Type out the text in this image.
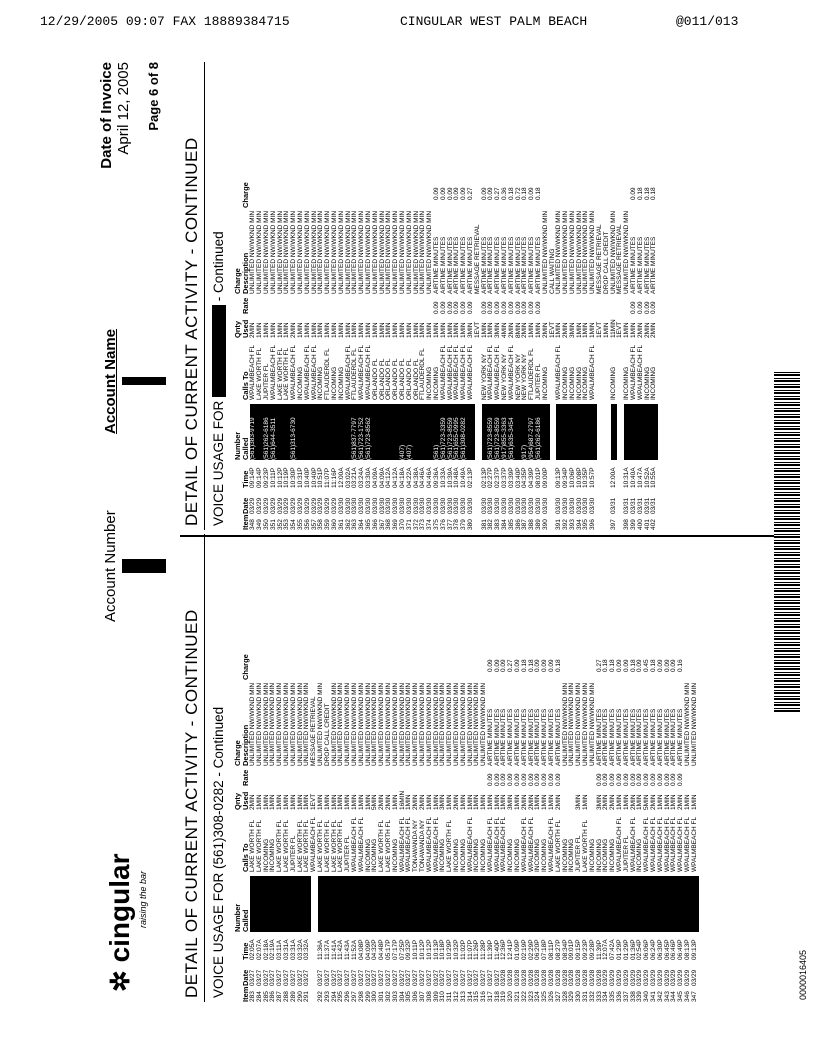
12/29/2005 09:07 FAX 18889384715	CINGULAR WEST PALM BEACH	@011/013
✲ cingular raising the bar
Account Number
Account Name
Date of Invoice April 12, 2005 Page 6 of 8
DETAIL OF CURRENT ACTIVITY - CONTINUED VOICE USAGE FOR (561)308-0282 - Continued Item
Date
Time
Number
Called
Calls To
Qnty
Used
Rate
Charge
Description
Charge
283
03/27
02:05A
LAKE WORTH FL
2MIN
UNLIMITED NW/WKND MIN
284
03/27
02:07A
LAKE WORTH FL
1MIN
UNLIMITED NW/WKND MIN
285
03/27
02:18A
INCOMING
1MIN
UNLIMITED NW/WKND MIN
286
03/27
02:19A
INCOMING
1MIN
UNLIMITED NW/WKND MIN
287
03/27
03:11A
LAKE WORTH FL
1MIN
UNLIMITED NW/WKND MIN
288
03/27
03:31A
LAKE WORTH FL
1MIN
UNLIMITED NW/WKND MIN
289
03/27
03:31A
JUPITER FL
1MIN
UNLIMITED NW/WKND MIN
290
03/27
03:32A
LAKE WORTH FL
1MIN
UNLIMITED NW/WKND MIN
291
03/27
03:32A
LAKE WORTH FL
1MIN
UNLIMITED NW/WKND MIN
WPALMBEACH FL
1EVT
MESSAGE RETRIEVAL
292
03/27
11:36A
LAKE WORTH FL
1MIN
UNLIMITED NW/WKND MIN
293
03/27
11:37A
LAKE WORTH FL
1MIN
DROP CALL CREDIT
294
03/27
11:41A
LAKE WORTH FL
1MIN
UNLIMITED NW/WKND MIN
295
03/27
11:42A
LAKE WORTH FL
1MIN
UNLIMITED NW/WKND MIN
296
03/27
11:43A
JUPITER FL
1MIN
UNLIMITED NW/WKND MIN
297
03/27
11:52A
WPALMBEACH FL
1MIN
UNLIMITED NW/WKND MIN
298
03/27
04:08P
WPALMBEACH FL
1MIN
UNLIMITED NW/WKND MIN
299
03/27
04:09P
INCOMING
1MIN
UNLIMITED NW/WKND MIN
300
03/27
04:32P
INCOMING
5MIN
UNLIMITED NW/WKND MIN
301
03/27
04:48P
LAKE WORTH FL
2MIN
UNLIMITED NW/WKND MIN
302
03/27
05:17P
LAKE WORTH FL
2MIN
UNLIMITED NW/WKND MIN
303
03/27
07:17P
INCOMING
1MIN
UNLIMITED NW/WKND MIN
304
03/27
07:25P
WPALMBEACH FL
16MIN
UNLIMITED NW/WKND MIN
305
03/27
09:32P
WPALMBEACH FL
1MIN
UNLIMITED NW/WKND MIN
306
03/27
10:11P
TONAWANDA NY
2MIN
UNLIMITED NW/WKND MIN
307
03/27
10:12P
TONAWANDA NY
2MIN
UNLIMITED NW/WKND MIN
308
03/27
10:12P
WPALMBEACH FL
1MIN
UNLIMITED NW/WKND MIN
309
03/27
10:13P
WPALMBEACH FL
1MIN
UNLIMITED NW/WKND MIN
310
03/27
10:18P
INCOMING
3MIN
UNLIMITED NW/WKND MIN
311
03/27
10:29P
LAKE WORTH FL
1MIN
UNLIMITED NW/WKND MIN
312
03/27
10:32P
INCOMING
2MIN
UNLIMITED NW/WKND MIN
313
03/27
11:02P
INCOMING
1MIN
UNLIMITED NW/WKND MIN
314
03/27
11:07P
WPALMBEACH FL
1MIN
UNLIMITED NW/WKND MIN
315
03/27
11:26P
INCOMING
1MIN
UNLIMITED NW/WKND MIN
316
03/27
11:28P
INCOMING
1MIN
UNLIMITED NW/WKND MIN
317
03/27
11:39P
WPALMBEACH FL
1MIN
0.09
AIRTIME MINUTES
0.09
318
03/27
11:40P
WPALMBEACH FL
1MIN
0.09
AIRTIME MINUTES
0.09
319
03/28
12:36P
WPALMBEACH FL
1MIN
0.09
AIRTIME MINUTES
0.09
320
03/28
12:41P
INCOMING
3MIN
0.09
AIRTIME MINUTES
0.27
321
03/28
01:09P
INCOMING
1MIN
0.09
AIRTIME MINUTES
0.09
322
03/28
02:19P
WPALMBEACH FL
2MIN
0.09
AIRTIME MINUTES
0.18
323
03/28
02:29P
WPALMBEACH FL
2MIN
0.09
AIRTIME MINUTES
0.18
324
03/28
06:20P
INCOMING
1MIN
0.09
AIRTIME MINUTES
0.09
325
03/28
07:18P
INCOMING
1MIN
0.09
AIRTIME MINUTES
0.09
326
03/28
08:11P
WPALMBEACH FL
1MIN
0.09
AIRTIME MINUTES
0.09
327
03/28
08:27P
LAKE WORTH FL
2MIN
0.09
AIRTIME MINUTES
0.18
328
03/28
08:34P
INCOMING
UNLIMITED NW/WKND MIN
329
03/28
09:01P
INCOMING
UNLIMITED NW/WKND MIN
330
03/28
09:15P
JUPITER FL
3MIN
UNLIMITED NW/WKND MIN
331
03/28
09:23P
LAKE WORTH FL
1MIN
UNLIMITED NW/WKND MIN
332
03/28
09:28P
INCOMING
UNLIMITED NW/WKND MIN
333
03/28
11:39P
INCOMING
3MIN
0.09
AIRTIME MINUTES
0.27
334
03/29
12:07A
INCOMING
2MIN
0.09
AIRTIME MINUTES
0.18
335
03/29
07:42A
INCOMING
2MIN
0.09
AIRTIME MINUTES
0.18
336
03/29
01:29P
WPALMBEACH FL
1MIN
0.09
AIRTIME MINUTES
0.09
337
03/29
01:29P
JUPITER FL
1MIN
0.09
AIRTIME MINUTES
0.09
338
03/29
01:36P
WPALMBEACH FL
2MIN
0.09
AIRTIME MINUTES
0.18
339
03/29
02:54P
INCOMING
1MIN
0.09
AIRTIME MINUTES
0.09
340
03/29
06:06P
WPALMBEACH FL
5MIN
0.09
AIRTIME MINUTES
0.45
341
03/29
06:24P
WPALMBEACH FL
2MIN
0.09
AIRTIME MINUTES
0.18
342
03/29
06:30P
WPALMBEACH FL
1MIN
0.09
AIRTIME MINUTES
0.09
343
03/29
06:45P
WPALMBEACH FL
1MIN
0.09
AIRTIME MINUTES
0.09
344
03/29
06:46P
WPALMBEACH FL
1MIN
0.09
AIRTIME MINUTES
0.09
345
03/29
06:49P
WPALMBEACH FL
2MIN
0.09
AIRTIME MINUTES
0.16
346
03/29
08:13P
WPALMBEACH FL
1MIN
UNLIMITED NW/WKND MIN
347
03/29
09:13P
WPALMBEACH FL
1MIN
UNLIMITED NW/WKND MIN
DETAIL OF CURRENT ACTIVITY - CONTINUED VOICE USAGE FOR  - Continued
Item
Date
Time
Number
Called
Calls To
Qnty
Used
Rate
Charge
Description
Charge
348
03/29
09:14P
(561)383-9719
WPALMBEACH FL
2MIN
UNLIMITED NW/WKND MIN
349
03/29
09:14P
LAKE WORTH FL
1MIN
UNLIMITED NW/WKND MIN
350
03/29
09:23P
(561)262-6186
JUPITER FL
1MIN
UNLIMITED NW/WKND MIN
351
03/29
10:11P
(561)644-3511
WPALMBEACH FL
1MIN
UNLIMITED NW/WKND MIN
352
03/29
10:12P
LAKE WORTH FL
1MIN
UNLIMITED NW/WKND MIN
353
03/29
10:19P
LAKE WORTH FL
1MIN
UNLIMITED NW/WKND MIN
354
03/29
10:30P
(561)313-6730
WPALMBEACH FL
2MIN
UNLIMITED NW/WKND MIN
355
03/29
10:31P
INCOMING
1MIN
UNLIMITED NW/WKND MIN
356
03/29
10:40P
WPALMBEACH FL
1MIN
UNLIMITED NW/WKND MIN
357
03/29
10:40P
WPALMBEACH FL
1MIN
UNLIMITED NW/WKND MIN
358
03/29
10:51P
INCOMING
1MIN
UNLIMITED NW/WKND MIN
359
03/29
11:07P
FTLAUDERDL FL
1MIN
UNLIMITED NW/WKND MIN
360
03/29
11:16P
INCOMING
1MIN
UNLIMITED NW/WKND MIN
361
03/30
12:00A
INCOMING
1MIN
UNLIMITED NW/WKND MIN
362
03/30
03:02A
WPALMBEACH FL
1MIN
UNLIMITED NW/WKND MIN
363
03/30
03:21A
(561)837-7797
FTLAUDERDL FL
1MIN
UNLIMITED NW/WKND MIN
364
03/30
03:24A
(561)723-1752
WPALMBEACH FL
1MIN
UNLIMITED NW/WKND MIN
365
03/30
03:30A
(561)723-8562
WPALMBEACH FL
1MIN
UNLIMITED NW/WKND MIN
366
03/30
04:09A
ORLANDO FL
1MIN
UNLIMITED NW/WKND MIN
367
03/30
04:09A
ORLANDO FL
1MIN
UNLIMITED NW/WKND MIN
368
03/30
04:12A
ORLANDO FL
1MIN
UNLIMITED NW/WKND MIN
369
03/30
04:12A
ORLANDO FL
1MIN
UNLIMITED NW/WKND MIN
370
03/30
04:18A
(407)
ORLANDO FL
1MIN
UNLIMITED NW/WKND MIN
371
03/30
04:22A
(407)
ORLANDO FL
1MIN
UNLIMITED NW/WKND MIN
372
03/30
04:38A
ORLANDO FL
1MIN
UNLIMITED NW/WKND MIN
373
03/30
04:46A
FTLAUDERDL FL
1MIN
UNLIMITED NW/WKND MIN
374
03/30
04:46A
INCOMING
1MIN
UNLIMITED NW/WKND MIN
375
03/30
09:36A
(561)
INCOMING
1MIN
0.09
AIRTIME MINUTES
0.09
376
03/30
10:33A
(561)723-3359
WPALMBEACH FL
1MIN
0.09
AIRTIME MINUTES
0.09
377
03/30
10:39A
(561)723-8559
WPALMBEACH FL
1MIN
0.09
AIRTIME MINUTES
0.09
378
03/30
10:48A
(561)655-0995
WPALMBEACH FL
1MIN
0.09
AIRTIME MINUTES
0.09
379
03/30
10:49A
(561)308-0282
WPALMBEACH FL
1MIN
0.09
AIRTIME MINUTES
0.09
380
03/30
02:13P
WPALMBEACH FL
3MIN
0.09
AIRTIME MINUTES
0.27
1EVT
MESSAGE RETRIEVAL
381
03/30
02:13P
NEW YORK NY
1MIN
0.09
AIRTIME MINUTES
0.09
382
03/30
02:27P
(561)723-8559
WPALMBEACH FL
1MIN
0.09
AIRTIME MINUTES
0.09
383
03/30
02:37P
(561)723-8559
WPALMBEACH FL
3MIN
0.09
AIRTIME MINUTES
0.27
384
03/30
03:37P
(917)855-3363
NEW YORK NY
4MIN
0.09
AIRTIME MINUTES
0.36
385
03/30
03:39P
(561)635-3454
WPALMBEACH FL
2MIN
0.09
AIRTIME MINUTES
0.18
386
03/30
03:40P
NEW YORK NY
8MIN
0.09
AIRTIME MINUTES
0.72
387
03/30
04:35P
(917)
NEW YORK NY
2MIN
0.09
AIRTIME MINUTES
0.18
388
03/30
04:39P
(954)687-2797
FTLAUDERDL FL
1MIN
0.09
AIRTIME MINUTES
0.09
389
03/30
08:01P
(561)262-6186
JUPITER FL
1MIN
0.09
AIRTIME MINUTES
0.18
390
03/30
09:00P
INCOMING
2MIN
UNLIMITED NW/WKND MIN
1EVT
CALL WAITING
391
03/30
09:13P
WPALMBEACH FL
1MIN
UNLIMITED NW/WKND MIN
392
03/30
09:34P
INCOMING
2MIN
UNLIMITED NW/WKND MIN
393
03/30
10:06P
INCOMING
3MIN
UNLIMITED NW/WKND MIN
394
03/30
10:08P
INCOMING
1MIN
UNLIMITED NW/WKND MIN
395
03/30
10:35P
INCOMING
1MIN
UNLIMITED NW/WKND MIN
396
03/30
10:57P
WPALMBEACH FL
1MIN
UNLIMITED NW/WKND MIN
1EVT
MESSAGE RETRIEVAL
1MIN
DROP CALL CREDIT
397
03/31
12:00A
INCOMING
11MIN
UNLIMITED NW/WKND MIN
1EVT
MESSAGE RETRIEVAL
398
03/31
10:31A
INCOMING
1MIN
UNLIMITED NW/WKND MIN
399
03/31
10:40A
WPALMBEACH FL
1MIN
0.09
AIRTIME MINUTES
0.09
400
03/31
10:47A
WPALMBEACH FL
2MIN
0.09
AIRTIME MINUTES
0.18
401
03/31
10:52A
INCOMING
2MIN
0.09
AIRTIME MINUTES
0.18
402
03/31
10:55A
INCOMING
2MIN
0.09
AIRTIME MINUTES
0.18
0000016405
